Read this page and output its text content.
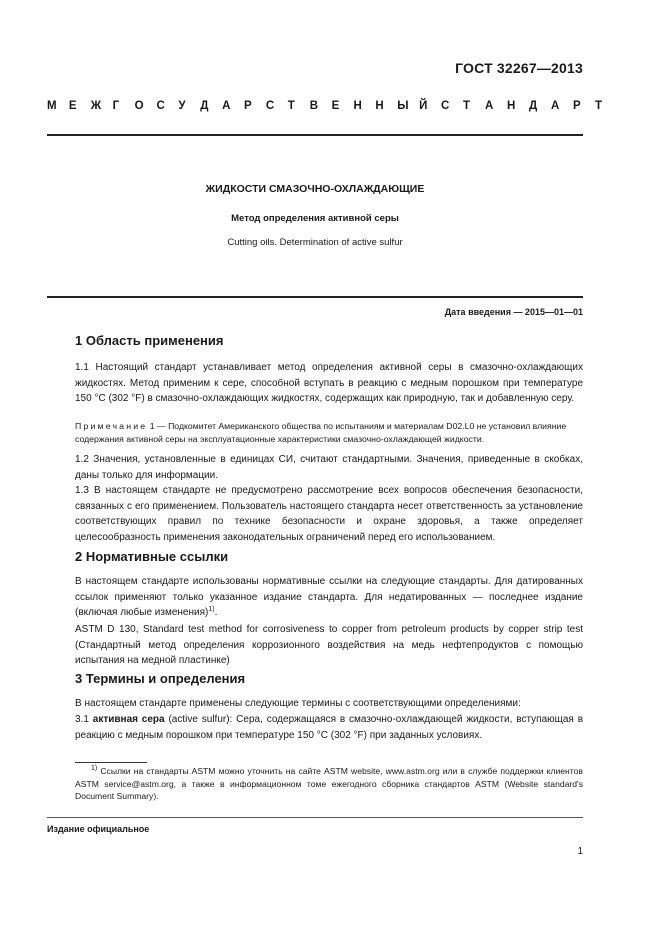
ГОСТ 32267—2013
М	Е	Ж Г	О	С	У	Д	А	Р	С	Т	В	Е	Н	Н	Ы Й	С	Т	А	Н	Д	А	Р	Т
ЖИДКОСТИ СМАЗОЧНО-ОХЛАЖДАЮЩИЕ
Метод определения активной серы
Cutting oils. Determination of active sulfur
Дата введения — 2015—01—01
1 Область применения

1.1 Настоящий стандарт устанавливает метод определения активной серы в смазочно-охлаждающих жидкостях. Метод применим к сере, способной вступать в реакцию с медным порошком при температуре 150 °C (302 °F) в смазочно-охлаждающих жидкостях, содержащих как природную, так и добавленную серу.

Примечание 1 — Подкомитет Американского общества по испытаниям и материалам D02.L0 не установил влияние содержания активной серы на эксплуатационные характеристики смазочно-охлаждающей жидкости.

1.2 Значения, установленные в единицах СИ, считают стандартными. Значения, приведенные в скобках, даны только для информации.

1.3 В настоящем стандарте не предусмотрено рассмотрение всех вопросов обеспечения безопасности, связанных с его применением. Пользователь настоящего стандарта несет ответственность за установление соответствующих правил по технике безопасности и охране здоровья, а также определяет целесообразность применения законодательных ограничений перед его использованием.

2 Нормативные ссылки

В настоящем стандарте использованы нормативные ссылки на следующие стандарты. Для датированных ссылок применяют только указанное издание стандарта. Для недатированных — последнее издание (включая любые изменения)$^{1)}$.

ASTM D 130, Standard test method for corrosiveness to copper from petroleum products by copper strip test (Стандартный метод определения коррозионного воздействия на медь нефтепродуктов с помощью испытания на медной пластинке)

3 Термины и определения

В настоящем стандарте применены следующие термины с соответствующими определениями:

3.1 активная сера (active sulfur): Сера, содержащаяся в смазочно-охлаждающей жидкости, вступающая в реакцию с медным порошком при температуре 150 °C (302 °F) при заданных условиях.

$^{1)}$ Ссылки на стандарты ASTM можно уточнить на сайте ASTM website, www.astm.org или в службе поддержки клиентов ASTM service@astm.org, а также в информационном томе ежегодного сборника стандартов ASTM (Website standard's Document Summary).
Издание официальное
1
